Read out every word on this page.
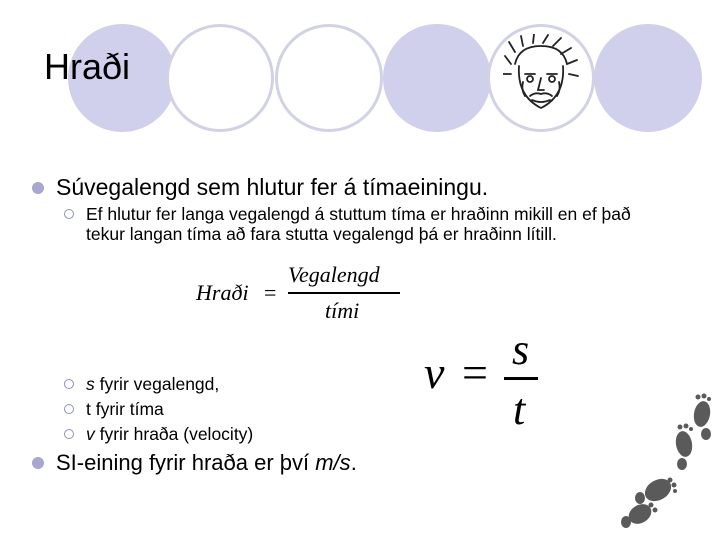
Hraði
Súvegalengd sem hlutur fer á tímaeiningu.
Ef hlutur fer langa vegalengd á stuttum tíma er hraðinn mikill en ef það tekur langan tíma að fara stutta vegalengd þá er hraðinn lítill.
Hraði =
Vegalengd
tími
s fyrir vegalengd,
t fyrir tíma
v fyrir hraða (velocity)
SI-eining fyrir hraða er því m/s .
v = s
t
